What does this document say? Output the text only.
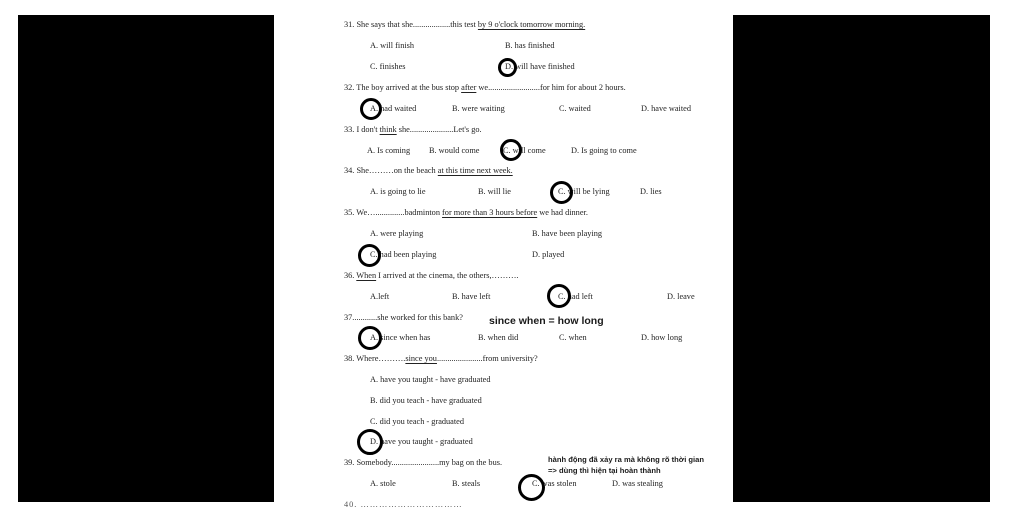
31. She says that she..................this test by 9 o'clock tomorrow morning.
A. will finish	B. has finished
C. finishes	D. will have finished
32. The boy arrived at the bus stop after we.........................for him for about 2 hours.
A. had waited	B. were waiting	C. waited	D. have waited
33. I don't think she.....................Let's go.
A. Is coming B. would come	C. will come	D. Is going to come
34. She………on the beach at this time next week.
A. is going to lie	B. will lie	C. will be lying	D. lies
35. We…..............badminton for more than 3 hours before we had dinner.
A. were playing	B. have been playing
C. had been playing	D. played
36. When I arrived at the cinema, the others,……….
A.left	B. have left	C. had left	D. leave
37............she worked for this bank? since when = how long
A. since when has	B. when did	C. when	D. how long
38. Where……….since you......................from university?
A. have you taught - have graduated
B. did you teach - have graduated
C. did you teach - graduated
D. have you taught - graduated
39. Somebody.......................my bag on the bus.	hành động đã xảy ra mà không rõ thời gian
=> dùng thì hiện tại hoàn thành
A. stole	B. steals	C. was stolen	D. was stealing
40. ……………………………
